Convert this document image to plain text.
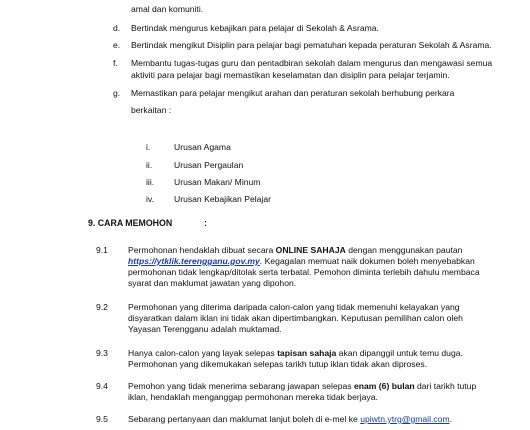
amal dan komuniti.
d. Bertindak mengurus kebajikan para pelajar di Sekolah & Asrama.
e. Bertindak mengikut Disiplin para pelajar bagi pematuhan kepada peraturan Sekolah & Asrama.
f. Membantu tugas-tugas guru dan pentadbiran sekolah dalam mengurus dan mengawasi semua
aktiviti para pelajar bagi memastikan keselamatan dan disiplin para pelajar terjamin.
g. Memastikan para pelajar mengikut arahan dan peraturan sekolah berhubung perkara
berkaitan :
i.	Urusan Agama
ii.	Urusan Pergaulan
iii. Urusan Makan/ Minum
iv. Urusan Kebajikan Pelajar
9. CARA MEMOHON	:
9.1 Permohonan hendaklah dibuat secara ONLINE SAHAJA dengan menggunakan pautan
https://ytklik.terengganu.gov.my. Kegagalan memuat naik dokumen boleh menyebabkan
permohonan tidak lengkap/ditolak serta terbatal. Pemohon diminta terlebih dahulu membaca
syarat dan maklumat jawatan yang dipohon.
9.2 Permohonan yang diterima daripada calon-calon yang tidak memenuhi kelayakan yang
disyaratkan dalam iklan ini tidak akan dipertimbangkan. Keputusan pemilihan calon oleh
Yayasan Terengganu adalah muktamad.
9.3 Hanya calon-calon yang layak selepas tapisan sahaja akan dipanggil untuk temu duga.
Permohonan yang dikemukakan selepas tarikh tutup iklan tidak akan diproses.
9.4 Pemohon yang tidak menerima sebarang jawapan selepas enam (6) bulan dari tarikh tutup
iklan, hendaklah menganggap permohonan mereka tidak berjaya.
9.5 Sebarang pertanyaan dan maklumat lanjut boleh di e-mel ke upiwtn.ytrg@gmail.com.
